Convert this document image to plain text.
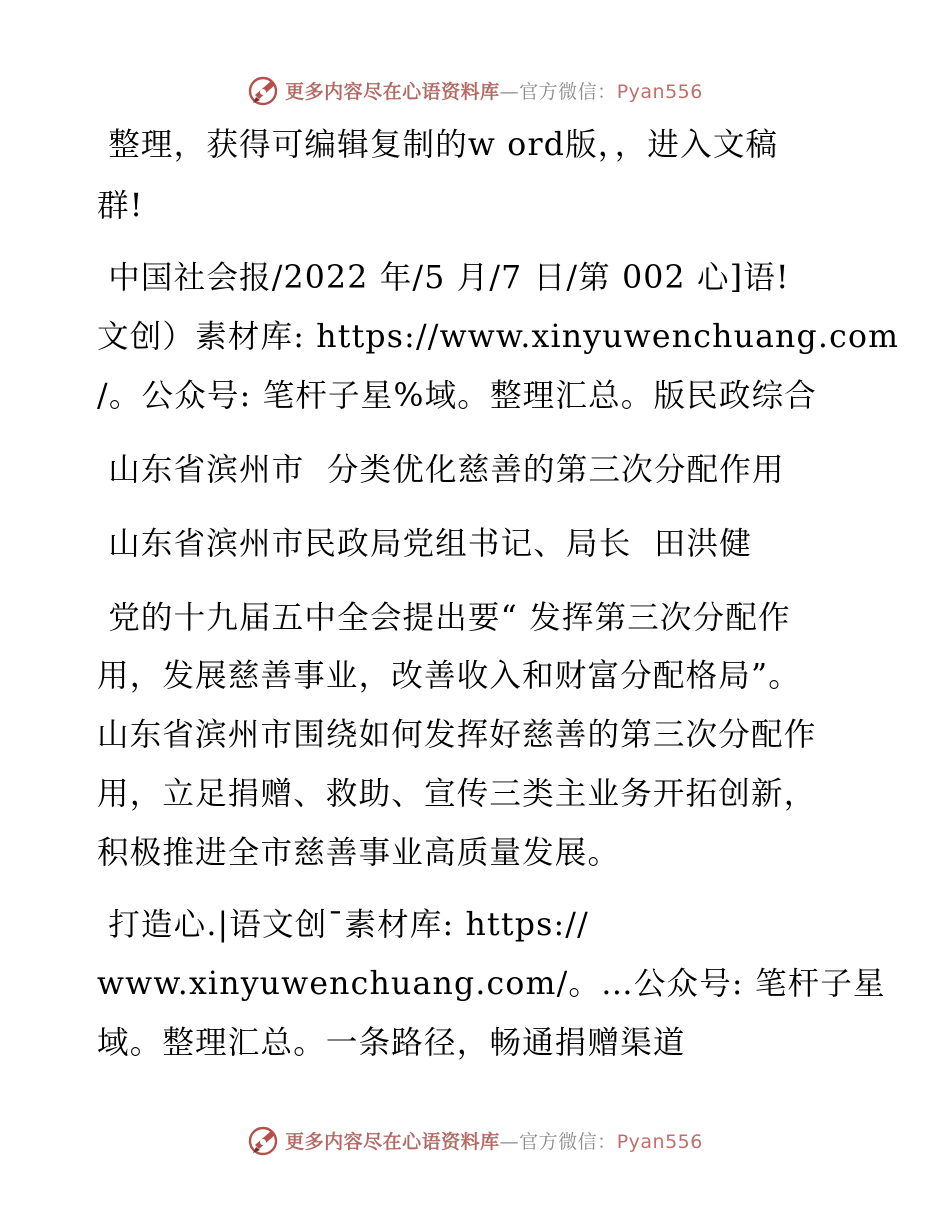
更多内容尽在心语资料库—官方微信：Pyan556
整理，获得可编辑复制的w ord版，，进入文稿
群!
中国社会报/2022 年/5 月/7 日/第 002 心]语!
文创）素材库: https://www.xinyuwenchuang.com
/。公众号: 笔杆子星%域。整理汇总。版民政综合
山东省滨州市  分类优化慈善的第三次分配作用
山东省滨州市民政局党组书记、局长  田洪健
党的十九届五中全会提出要“ 发挥第三次分配作
用，发展慈善事业，改善收入和财富分配格局”。
山东省滨州市围绕如何发挥好慈善的第三次分配作
用，立足捐赠、救助、宣传三类主业务开拓创新，
积极推进全市慈善事业高质量发展。
打造心.|语文创¯素材库: https://
www.xinyuwenchuang.com/。…公众号: 笔杆子星
域。整理汇总。一条路径，畅通捐赠渠道
更多内容尽在心语资料库—官方微信：Pyan556
